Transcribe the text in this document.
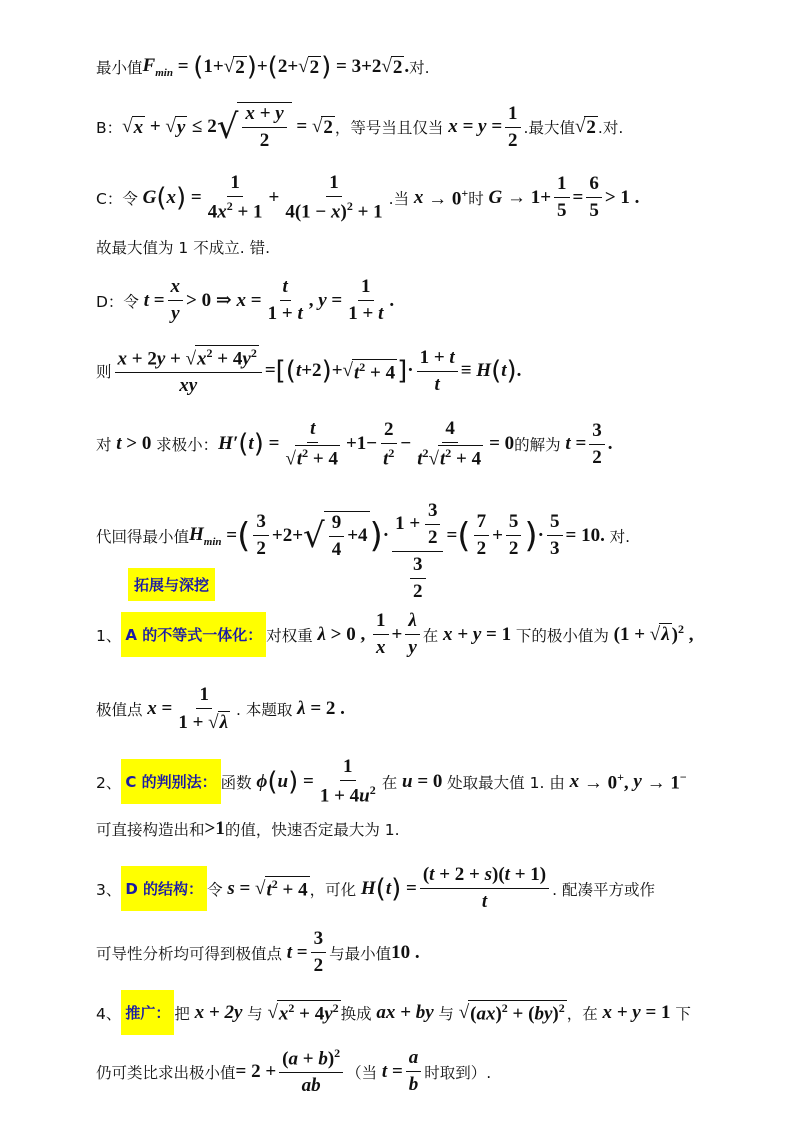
最小值 $F_{min}$ = ( 1+ √ 2 ) + ( 2+ √ 2 ) = 3+2√ 2 . 对.
B： √ x + √ y ≤ 2 √ $\frac{x + y}{2}$ = √ 2 ，等号当且仅当 $x = y = \frac{1}{2}$ .最大值 √ 2 .对.
C：令 G ( x ) = $\frac{1}{4x^2 + 1} + \frac{1}{4(1 - x)^2 + 1}$ .当 x → 0+ 时 $G \to 1+ \frac{1}{5} = \frac{6}{5} > 1$ .
故最大值为 1 不成立. 错.
D：令 $t = \frac{x}{y} > 0$ ⇒ $x = \frac{t}{1 + t}$ , $y = \frac{1}{1 + t}$ .
则 $\frac{x + 2y + √x^2 + 4y^2}{xy}$ = [ ( t +2 ) +√ $t^2 + 4$ ] · $\frac{1 + t}{t} \equiv H$ ( t ) .
对 t > 0 求极小： H′ ( t ) = $\frac{t}{√t^2 + 4} +1- \frac{2}{t^2} - \frac{4}{t^2√t^2 + 4} = 0$ 的解为 $t = \frac{3}{2}$ .
代回得最小值 $H_{min}$ = ( $\frac{3}{2} +2+$ √ $\frac{9}{4} +4$ ) · $\frac{1 + \frac{3}{2}}{\frac{3}{2}}$ = ( $\frac{7}{2} + \frac{5}{2}$ ) · $\frac{5}{3} = 10$. 对.
拓展与深挖
1、 A 的不等式一体化： 对权重 λ > 0 , $\frac{1}{x} + \frac{\lambda}{y}$ 在 x + y = 1 下的极小值为 (1 + √ λ )$^2$ ,
极值点 $x = \frac{1}{1 + √\lambda}$ . 本题取 λ = 2 .
2、 C 的判别法： 函数 ϕ ( u ) = $\frac{1}{1 + 4u^2}$ 在 u = 0 处取最大值 1. 由 x → 0+, y → 1−
可直接构造出和 >1 的值，快速否定最大为 1.
3、 D 的结构： 令 s = √ $t^2 + 4$ ，可化 H ( t ) = $\frac{(t + 2 + s)(t + 1)}{t}$ . 配凑平方或作
可导性分析均可得到极值点 $t = \frac{3}{2}$ 与最小值 10 .
4、 推广： 把 x + 2y 与 √ $x^2 + 4y^2$ 换成 ax + by 与 √ (ax)$^2$ + (by)$^2$ ，在 x + y = 1 下
仍可类比求出极小值 = $2 + \frac{(a + b)^2}{ab}$ （当 $t = \frac{a}{b}$ 时取到）.
